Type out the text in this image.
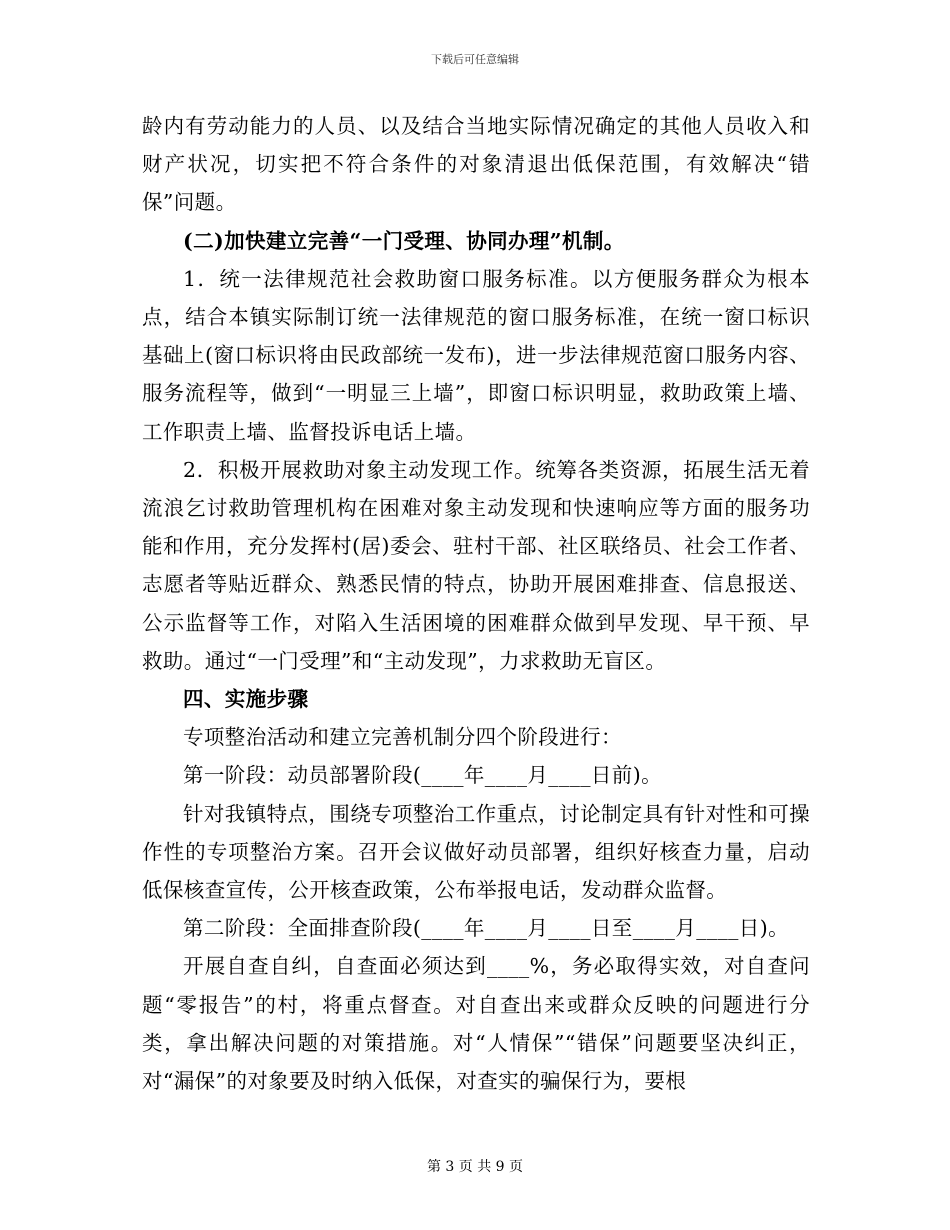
下载后可任意编辑

龄内有劳动能力的人员、以及结合当地实际情况确定的其他人员收入和财产状况，切实把不符合条件的对象清退出低保范围，有效解决“错保”问题。

(二)加快建立完善“一门受理、协同办理”机制。

1．统一法律规范社会救助窗口服务标准。以方便服务群众为根本点，结合本镇实际制订统一法律规范的窗口服务标准，在统一窗口标识基础上(窗口标识将由民政部统一发布)，进一步法律规范窗口服务内容、服务流程等，做到“一明显三上墙”，即窗口标识明显，救助政策上墙、工作职责上墙、监督投诉电话上墙。

2．积极开展救助对象主动发现工作。统筹各类资源，拓展生活无着流浪乞讨救助管理机构在困难对象主动发现和快速响应等方面的服务功能和作用，充分发挥村(居)委会、驻村干部、社区联络员、社会工作者、志愿者等贴近群众、熟悉民情的特点，协助开展困难排查、信息报送、公示监督等工作，对陷入生活困境的困难群众做到早发现、早干预、早救助。通过“一门受理”和“主动发现”，力求救助无盲区。

四、实施步骤

专项整治活动和建立完善机制分四个阶段进行：

第一阶段：动员部署阶段(____年____月____日前)。

针对我镇特点，围绕专项整治工作重点，讨论制定具有针对性和可操作性的专项整治方案。召开会议做好动员部署，组织好核查力量，启动低保核查宣传，公开核查政策，公布举报电话，发动群众监督。

第二阶段：全面排查阶段(____年____月____日至____月____日)。

开展自查自纠，自查面必须达到____%，务必取得实效，对自查问题“零报告”的村，将重点督查。对自查出来或群众反映的问题进行分类，拿出解决问题的对策措施。对“人情保”“错保”问题要坚决纠正，对“漏保”的对象要及时纳入低保，对查实的骗保行为，要根

第 3 页 共 9 页
